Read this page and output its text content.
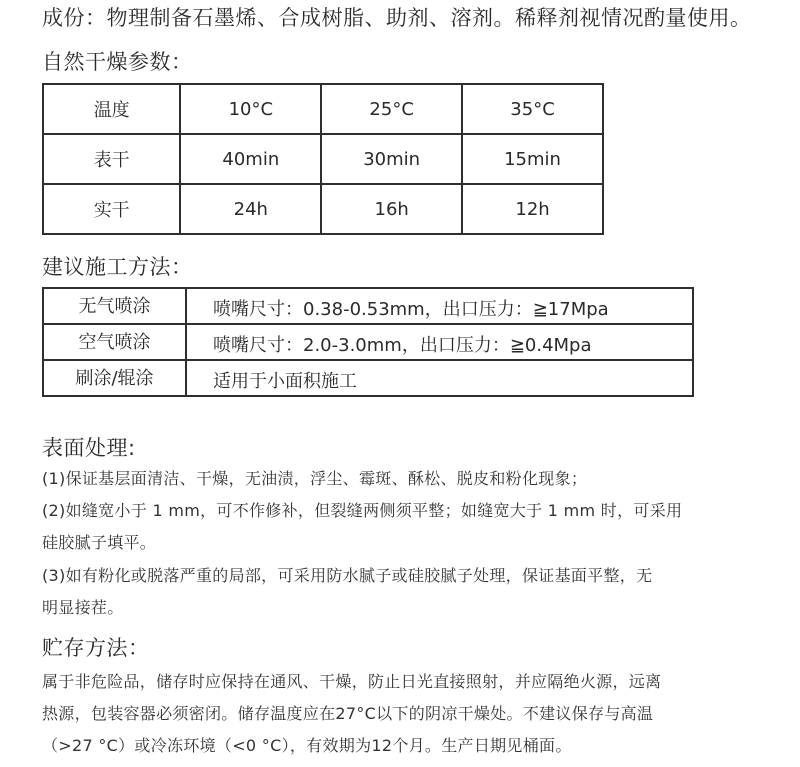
成份：物理制备石墨烯、合成树脂、助剂、溶剂。稀释剂视情况酌量使用。
自然干燥参数：
温度	10°C	25°C	35°C
表干	40min	30min	15min
实干	24h	16h	12h
建议施工方法：
无气喷涂	喷嘴尺寸：0.38-0.53mm，出口压力：≧17Mpa
空气喷涂	喷嘴尺寸：2.0-3.0mm，出口压力：≧0.4Mpa
刷涂/辊涂	适用于小面积施工
表面处理:
(1)保证基层面清洁、干燥，无油渍，浮尘、霉斑、酥松、脱皮和粉化现象；
(2)如缝宽小于 1 mm，可不作修补，但裂缝两侧须平整；如缝宽大于 1 mm 时，可采用
硅胶腻子填平。
(3)如有粉化或脱落严重的局部，可采用防水腻子或硅胶腻子处理，保证基面平整，无
明显接茬。
贮存方法：
属于非危险品，储存时应保持在通风、干燥，防止日光直接照射，并应隔绝火源，远离
热源，包装容器必须密闭。储存温度应在27°C以下的阴凉干燥处。不建议保存与高温
（>27 °C）或冷冻环境（<0 °C），有效期为12个月。生产日期见桶面。
